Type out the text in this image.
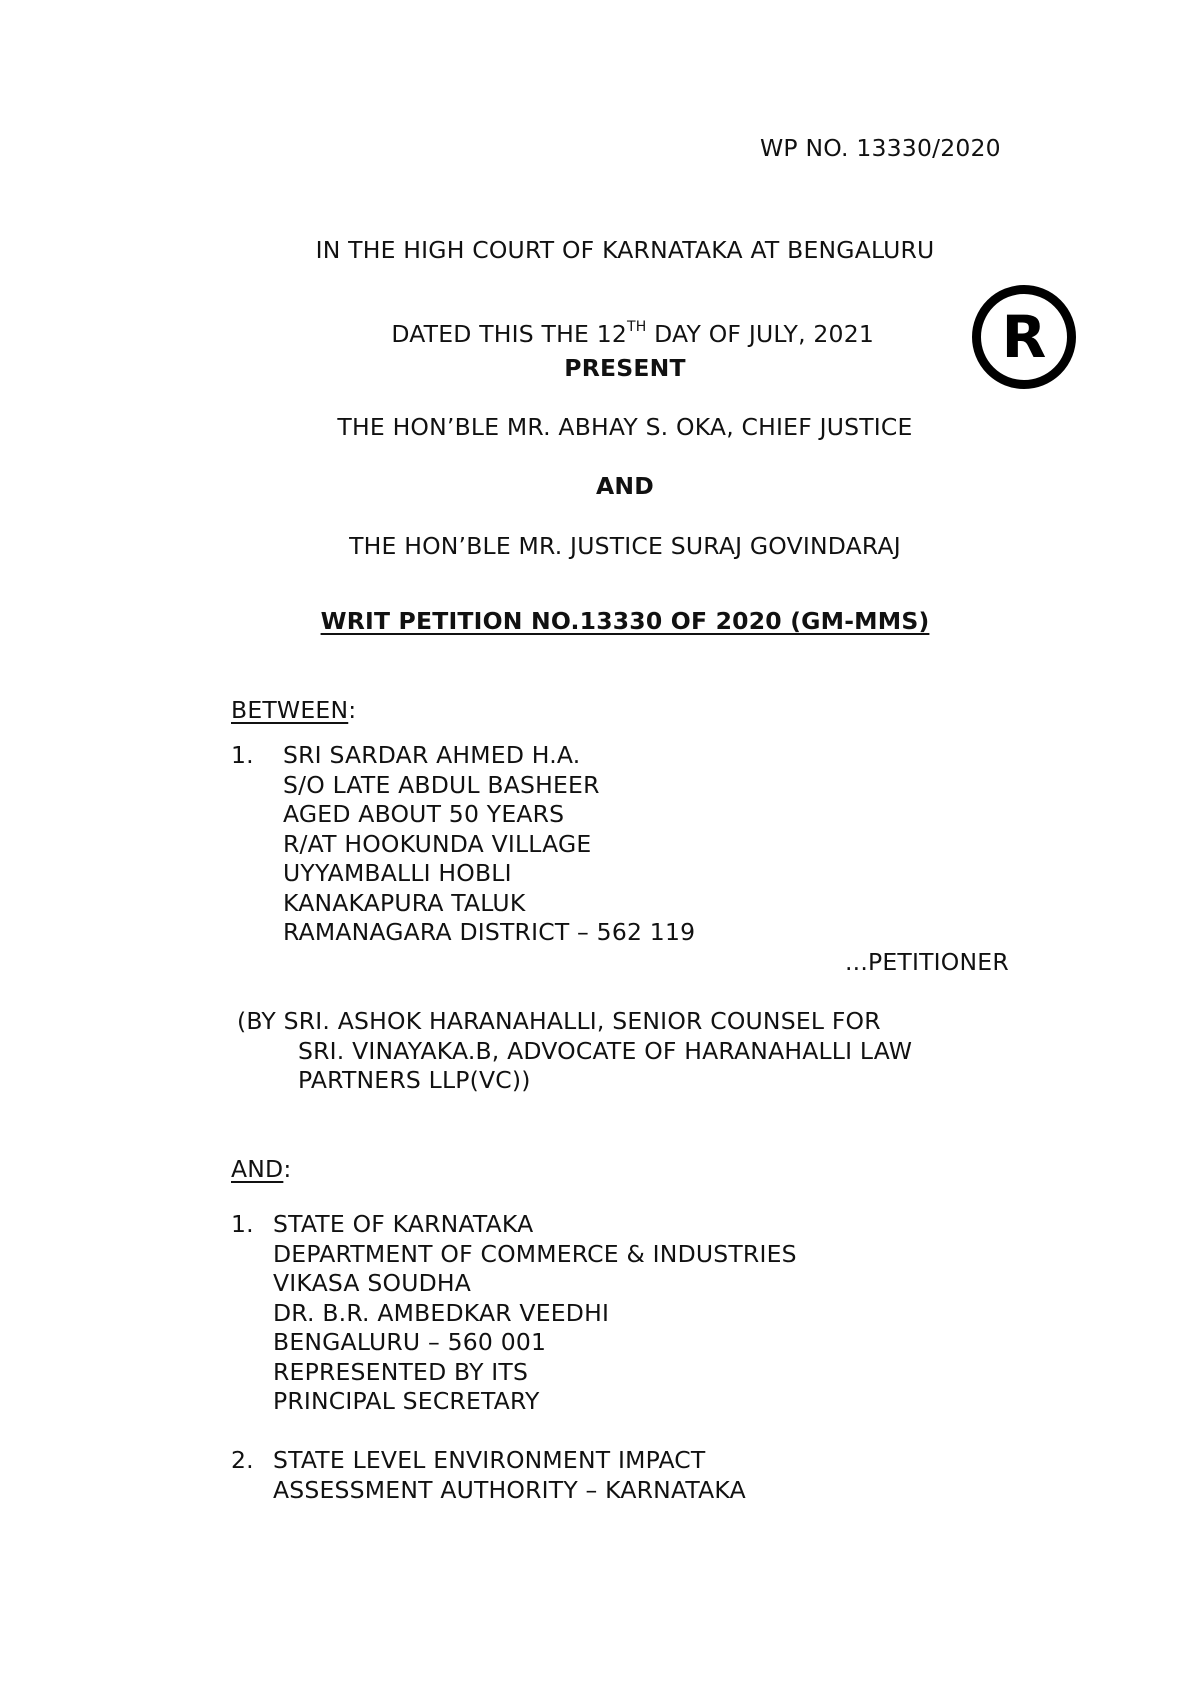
WP NO. 13330/2020
IN THE HIGH COURT OF KARNATAKA AT BENGALURU

DATED THIS THE 12TH DAY OF JULY, 2021	R
PRESENT
THE HON’BLE MR. ABHAY S. OKA, CHIEF JUSTICE
AND
THE HON’BLE MR. JUSTICE SURAJ GOVINDARAJ
WRIT PETITION NO.13330 OF 2020 (GM-MMS)
BETWEEN:
1. SRI SARDAR AHMED H.A.
S/O LATE ABDUL BASHEER
AGED ABOUT 50 YEARS
R/AT HOOKUNDA VILLAGE
UYYAMBALLI HOBLI
KANAKAPURA TALUK
RAMANAGARA DISTRICT – 562 119
...PETITIONER
(BY SRI. ASHOK HARANAHALLI, SENIOR COUNSEL FOR
SRI. VINAYAKA.B, ADVOCATE OF HARANAHALLI LAW
PARTNERS LLP(VC))
AND:
1. STATE OF KARNATAKA
DEPARTMENT OF COMMERCE & INDUSTRIES
VIKASA SOUDHA
DR. B.R. AMBEDKAR VEEDHI
BENGALURU – 560 001
REPRESENTED BY ITS
PRINCIPAL SECRETARY
2. STATE LEVEL ENVIRONMENT IMPACT
ASSESSMENT AUTHORITY – KARNATAKA
